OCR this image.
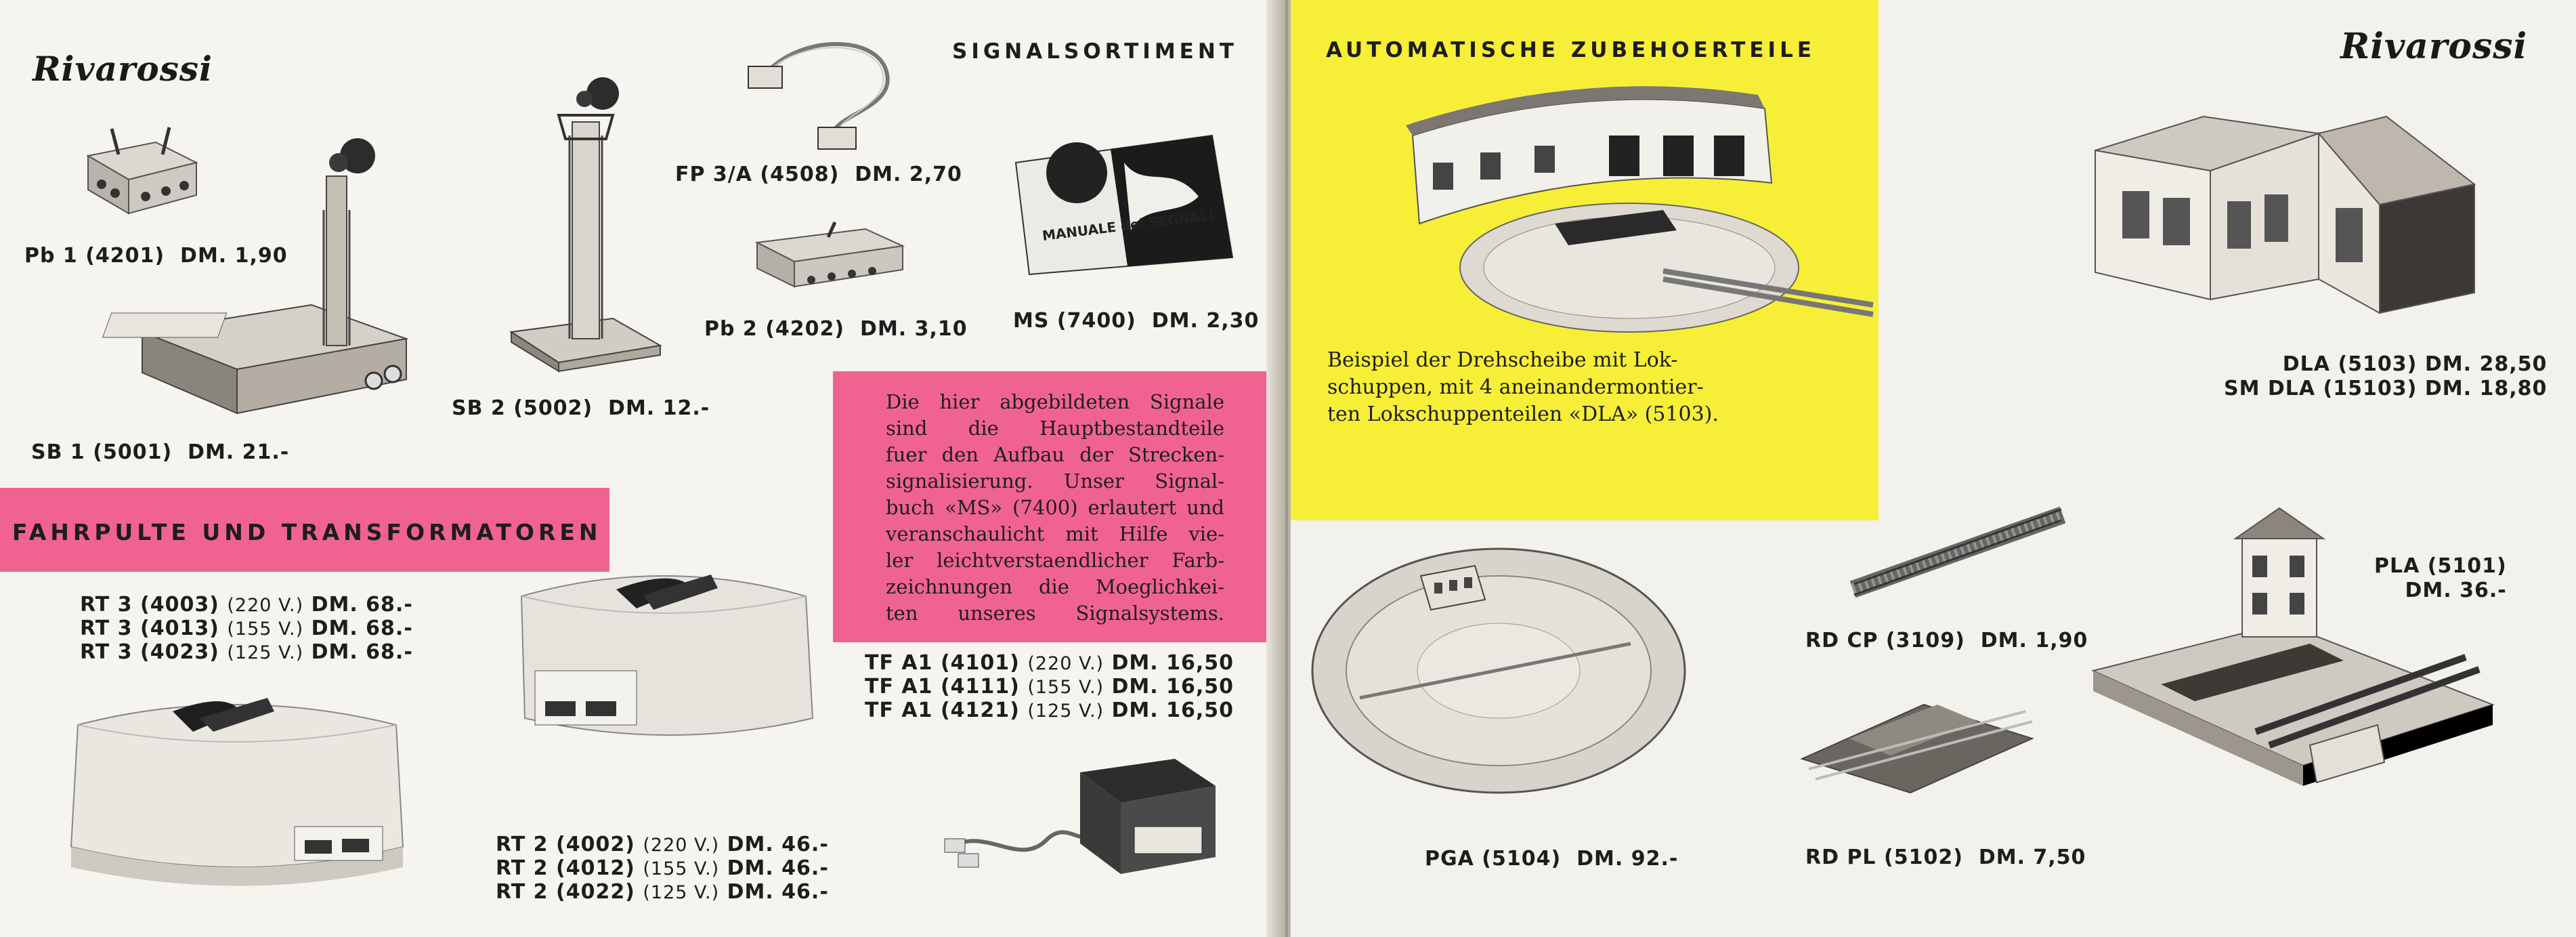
Rivarossi	SIGNALSORTIMENT
Pb 1 (4201) DM. 1,90
SB 1 (5001) DM. 21.-
SB 2 (5002) DM. 12.-
FP 3/A (4508) DM. 2,70
Pb 2 (4202) DM. 3,10
MANUALE dei SEGNALI
MS (7400) DM. 2,30
Die hier abgebildeten Signale
sind die Hauptbestandteile
fuer den Aufbau der Strecken-
signalisierung. Unser Signal-
buch «MS» (7400) erlautert und
veranschaulicht mit Hilfe vie-
ler leichtverstaendlicher Farb-
zeichnungen die Moeglichkei-
ten unseres Signalsystems.
FAHRPULTE UND TRANSFORMATOREN
RT 3 (4003) (220 V.) DM. 68.-
RT 3 (4013) (155 V.) DM. 68.-
RT 3 (4023) (125 V.) DM. 68.-
RT 2 (4002) (220 V.) DM. 46.-
RT 2 (4012) (155 V.) DM. 46.-
RT 2 (4022) (125 V.) DM. 46.-
TF A1 (4101) (220 V.) DM. 16,50
TF A1 (4111) (155 V.) DM. 16,50
TF A1 (4121) (125 V.) DM. 16,50
AUTOMATISCHE ZUBEHOERTEILE
Beispiel der Drehscheibe mit Lok-
schuppen, mit 4 aneinandermontier-
ten Lokschuppenteilen «DLA» (5103).
Rivarossi
DLA (5103) DM. 28,50
SM DLA (15103) DM. 18,80
PGA (5104) DM. 92.-
RD CP (3109) DM. 1,90
RD PL (5102) DM. 7,50
PLA (5101)
DM. 36.-
